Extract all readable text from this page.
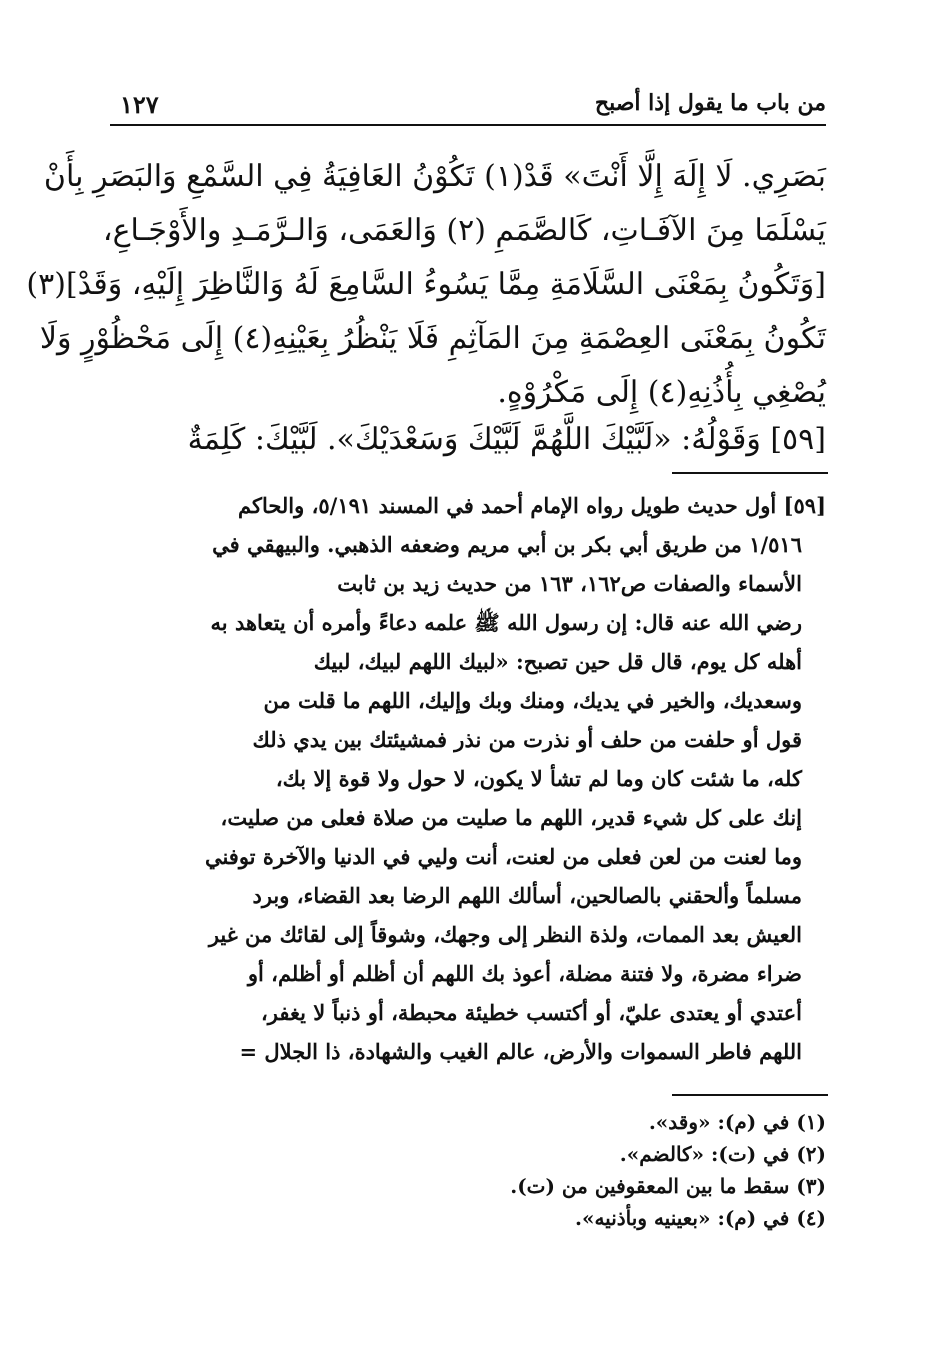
من باب ما يقول إذا أصبح
١٢٧
بَصَرِي. لَا إِلَهَ إِلَّا أَنْتَ» قَدْ(١) تَكُوْنُ العَافِيَةُ فِي السَّمْعِ وَالبَصَرِ بِأَنْ
يَسْلَمَا مِنَ الآفَـاتِ، كَالصَّمَمِ (٢) وَالعَمَى، وَالـرَّمَـدِ والأَوْجَـاعِ،
[وَتَكُونُ بِمَعْنَى السَّلَامَةِ مِمَّا يَسُوءُ السَّامِعَ لَهُ وَالنَّاظِرَ إِلَيْهِ، وَقَدْ](٣)
تَكُونُ بِمَعْنَى العِصْمَةِ مِنَ المَآثِمِ فَلَا يَنْظُرُ بِعَيْنِهِ(٤) إِلَى مَحْظُوْرٍ وَلَا
يُصْغِي بِأُذُنِهِ(٤) إِلَى مَكْرُوْهٍ.
[٥٩] وَقَوْلُهُ: «لَبَّيْكَ اللَّهُمَّ لَبَّيْكَ وَسَعْدَيْكَ». لَبَّيْكَ: كَلِمَةٌ
[٥٩] أول حديث طويل رواه الإمام أحمد في المسند ٥/١٩١، والحاكم
١/٥١٦ من طريق أبي بكر بن أبي مريم وضعفه الذهبي. والبيهقي في
الأسماء والصفات ص١٦٢، ١٦٣ من حديث زيد بن ثابت
رضي الله عنه قال: إن رسول الله ﷺ علمه دعاءً وأمره أن يتعاهد به
أهله كل يوم، قال قل حين تصبح: «لبيك اللهم لبيك، لبيك
وسعديك، والخير في يديك، ومنك وبك وإليك، اللهم ما قلت من
قول أو حلفت من حلف أو نذرت من نذر فمشيئتك بين يدي ذلك
كله، ما شئت كان وما لم تشأ لا يكون، لا حول ولا قوة إلا بك،
إنك على كل شيء قدير، اللهم ما صليت من صلاة فعلى من صليت،
وما لعنت من لعن فعلى من لعنت، أنت وليي في الدنيا والآخرة توفني
مسلماً وألحقني بالصالحين، أسألك اللهم الرضا بعد القضاء، وبرد
العيش بعد الممات، ولذة النظر إلى وجهك، وشوقاً إلى لقائك من غير
ضراء مضرة، ولا فتنة مضلة، أعوذ بك اللهم أن أظلم أو أظلم، أو
أعتدي أو يعتدى عليّ، أو أكتسب خطيئة محبطة، أو ذنباً لا يغفر،
اللهم فاطر السموات والأرض، عالم الغيب والشهادة، ذا الجلال =
(١) في (م): «وقد».
(٢) في (ت): «كالضم».
(٣) سقط ما بين المعقوفين من (ت).
(٤) في (م): «بعينيه وبأذنيه».
